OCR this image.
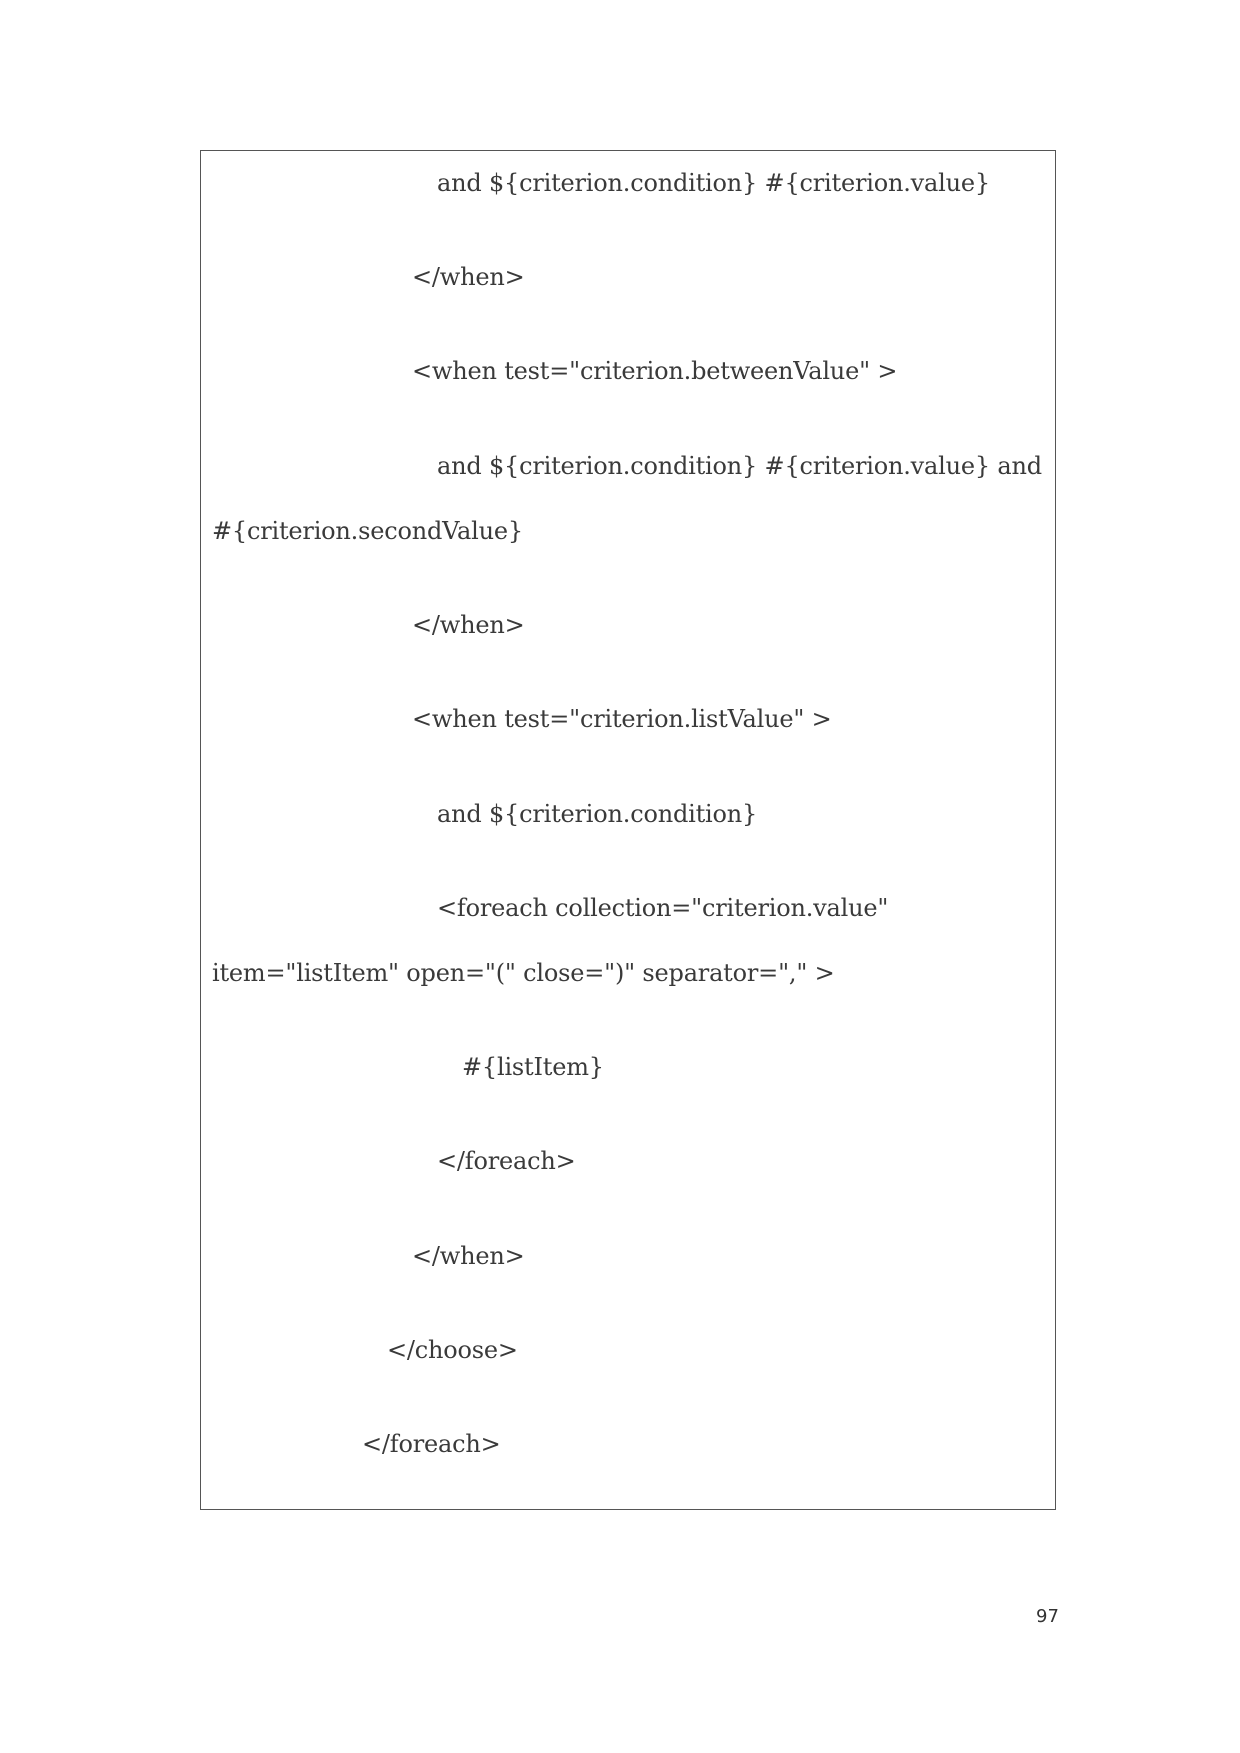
and ${criterion.condition} #{criterion.value}
</when>
<when test="criterion.betweenValue" >
and ${criterion.condition} #{criterion.value} and
#{criterion.secondValue}
</when>
<when test="criterion.listValue" >
and ${criterion.condition}
<foreach collection="criterion.value"
item="listItem" open="(" close=")" separator="," >
#{listItem}
</foreach>
</when>
</choose>
</foreach>
97
